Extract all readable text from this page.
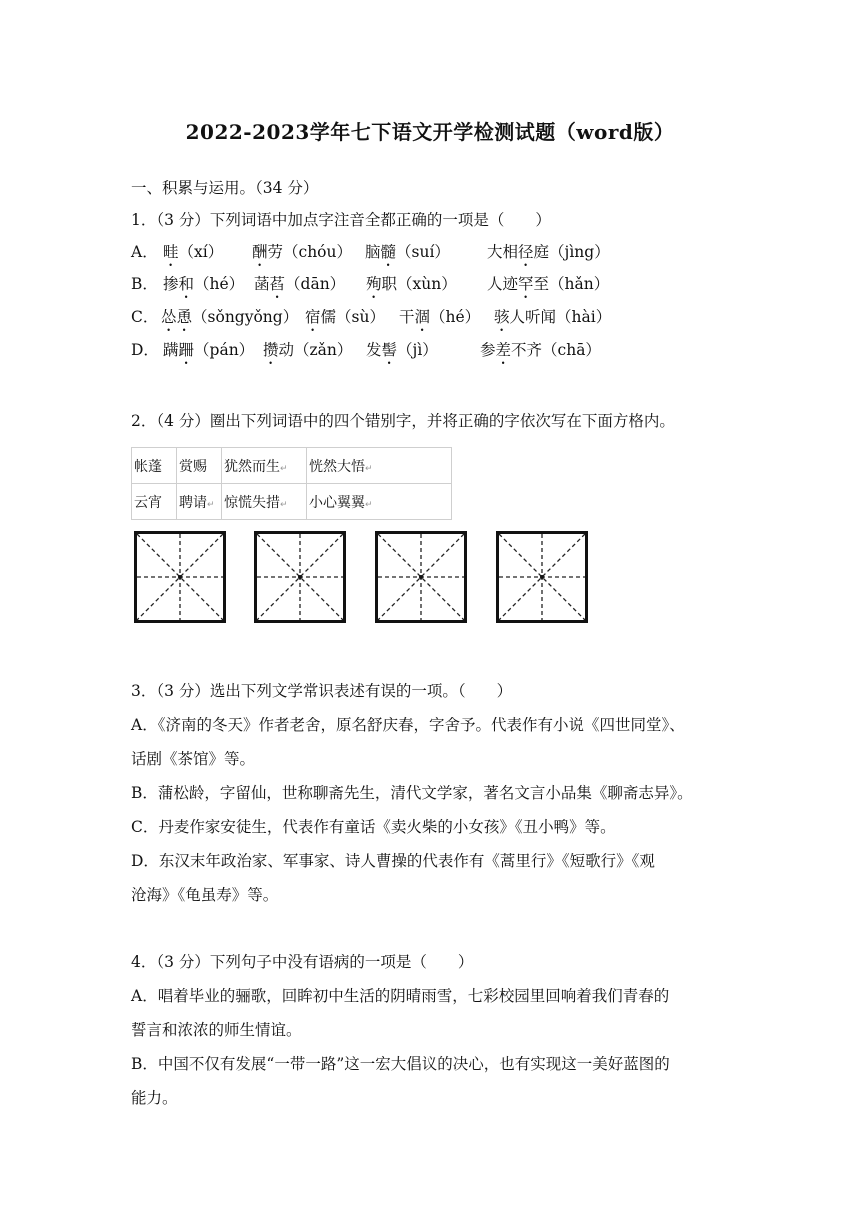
2022-2023学年七下语文开学检测试题（word版）
一、积累与运用。（34 分）
1．（3 分）下列词语中加点字注音全都正确的一项是（　　）
A． 畦（xí） 酬劳（chóu） 脑髓（suí） 大相径庭（jìng）
B． 掺和（hé） 菡萏（dān） 殉职（xùn） 人迹罕至（hǎn）
C． 怂恿（sǒngyǒng） 宿儒（sù） 干涸（hé） 骇人听闻（hài）
D． 蹒跚（pán） 攒动（zǎn） 发髻（jì）	参差不齐（chā）
2．（4 分）圈出下列词语中的四个错别字，并将正确的字依次写在下面方格内。
帐蓬	赏赐	犹然而生↵	恍然大悟↵
云宵	聘请↵	惊慌失措↵	小心翼翼↵
3．（3 分）选出下列文学常识表述有误的一项。（　　）
A．《济南的冬天》作者老舍，原名舒庆春，字舍予。代表作有小说《四世同堂》、
话剧《茶馆》等。
B．蒲松龄，字留仙，世称聊斋先生，清代文学家，著名文言小品集《聊斋志异》。
C．丹麦作家安徒生，代表作有童话《卖火柴的小女孩》《丑小鸭》等。
D．东汉末年政治家、军事家、诗人曹操的代表作有《蒿里行》《短歌行》《观
沧海》《龟虽寿》等。
4．（3 分）下列句子中没有语病的一项是（　　）
A．唱着毕业的骊歌，回眸初中生活的阴晴雨雪，七彩校园里回响着我们青春的
誓言和浓浓的师生情谊。
B．中国不仅有发展“一带一路”这一宏大倡议的决心，也有实现这一美好蓝图的
能力。
